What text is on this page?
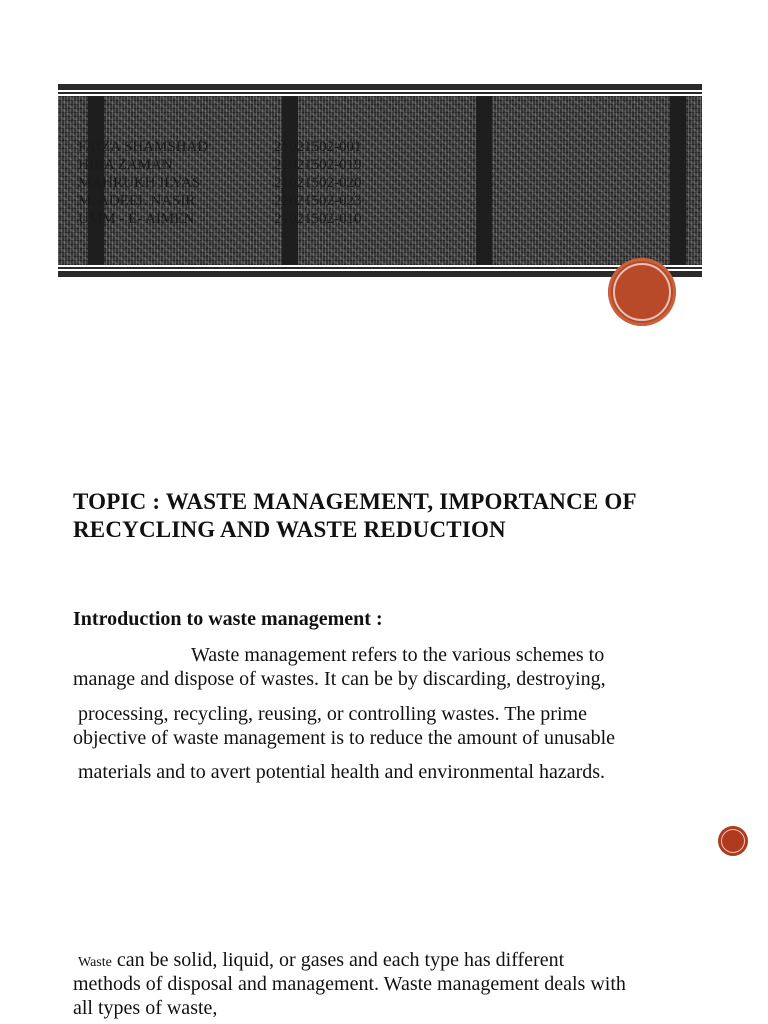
FAIZA SHAMSHAD	21021502-001
HIRA ZAMAN	21021502-019
MAHRUKH ILYAS	21021502-020
M. ADEEL NASIR	21021502-023
UMM - E- AIMEN	21021502-010
TOPIC : WASTE MANAGEMENT, IMPORTANCE OF
RECYCLING AND WASTE REDUCTION
Introduction to waste management :
Waste management refers to the various schemes to
manage and dispose of wastes. It can be by discarding, destroying,
processing, recycling, reusing, or controlling wastes. The prime
objective of waste management is to reduce the amount of unusable
materials and to avert potential health and environmental hazards.
Waste can be solid, liquid, or gases and each type has different
methods of disposal and management. Waste management deals with
all types of waste,
